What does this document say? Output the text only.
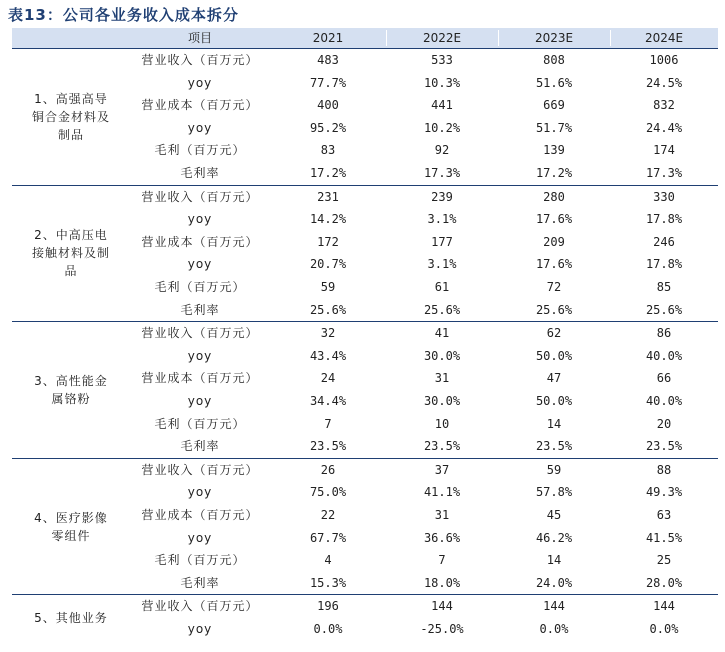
表13：公司各业务收入成本拆分
项目	2021	2022E	2023E	2024E
1、高强高导铜合金材料及制品
营业收入（百万元）	483	533	808	1006
yoy	77.7%	10.3%	51.6%	24.5%
营业成本（百万元）	400	441	669	832
yoy	95.2%	10.2%	51.7%	24.4%
毛利（百万元）	83	92	139	174
毛利率	17.2%	17.3%	17.2%	17.3%
2、中高压电接触材料及制品
营业收入（百万元）	231	239	280	330
yoy	14.2%	3.1%	17.6%	17.8%
营业成本（百万元）	172	177	209	246
yoy	20.7%	3.1%	17.6%	17.8%
毛利（百万元）	59	61	72	85
毛利率	25.6%	25.6%	25.6%	25.6%
3、高性能金属铬粉
营业收入（百万元）	32	41	62	86
yoy	43.4%	30.0%	50.0%	40.0%
营业成本（百万元）	24	31	47	66
yoy	34.4%	30.0%	50.0%	40.0%
毛利（百万元）	7	10	14	20
毛利率	23.5%	23.5%	23.5%	23.5%
4、医疗影像零组件
营业收入（百万元）	26	37	59	88
yoy	75.0%	41.1%	57.8%	49.3%
营业成本（百万元）	22	31	45	63
yoy	67.7%	36.6%	46.2%	41.5%
毛利（百万元）	4	7	14	25
毛利率	15.3%	18.0%	24.0%	28.0%
5、其他业务
营业收入（百万元）	196	144	144	144
yoy	0.0%	-25.0%	0.0%	0.0%
